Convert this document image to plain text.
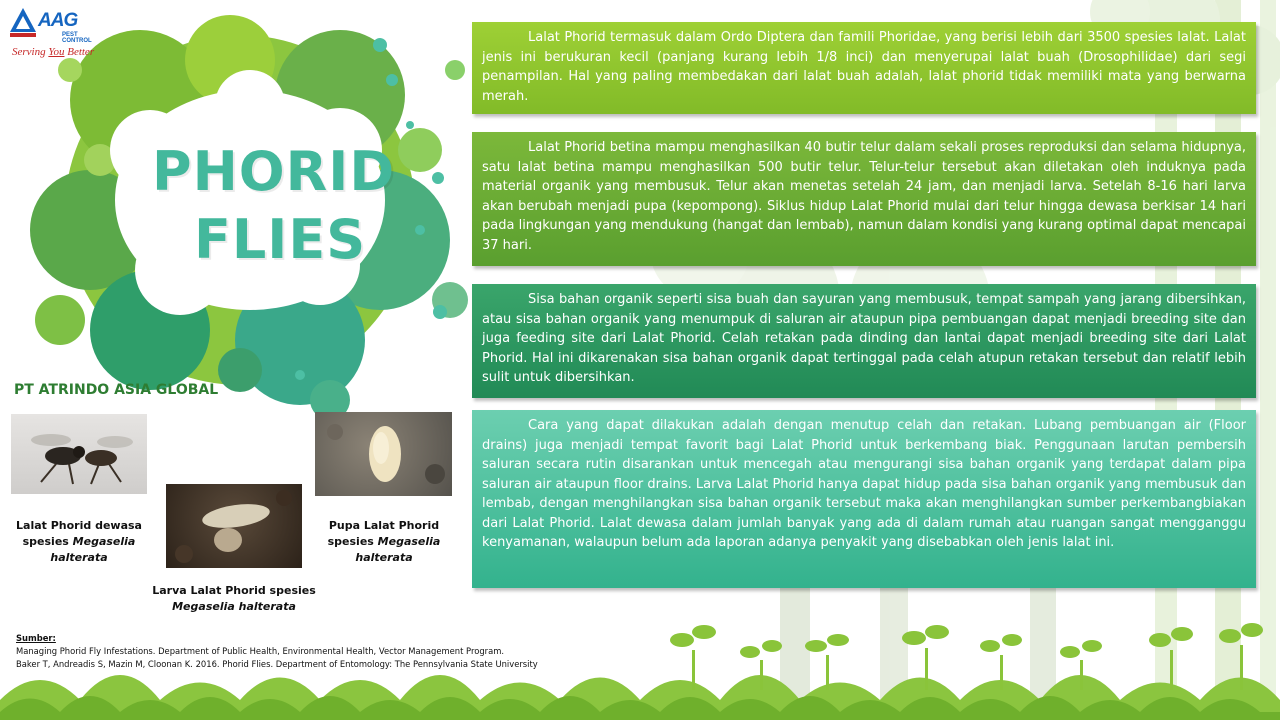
AAG
PEST CONTROL
Serving You Better
PHORID
FLIES
PT ATRINDO ASIA GLOBAL
Lalat Phorid dewasa spesies Megaselia halterata
Pupa Lalat Phorid spesies Megaselia halterata
Larva Lalat Phorid spesies Megaselia halterata
Lalat Phorid termasuk dalam Ordo Diptera dan famili Phoridae, yang berisi lebih dari 3500 spesies lalat. Lalat jenis ini berukuran kecil (panjang kurang lebih 1/8 inci) dan menyerupai lalat buah (Drosophilidae) dari segi penampilan. Hal yang paling membedakan dari lalat buah adalah, lalat phorid tidak memiliki mata yang berwarna merah.
Lalat Phorid betina mampu menghasilkan 40 butir telur dalam sekali proses reproduksi dan selama hidupnya, satu lalat betina mampu menghasilkan 500 butir telur. Telur-telur tersebut akan diletakan oleh induknya pada material organik yang membusuk. Telur akan menetas setelah 24 jam, dan menjadi larva. Setelah 8-16 hari larva akan berubah menjadi pupa (kepompong). Siklus hidup Lalat Phorid mulai dari telur hingga dewasa berkisar 14 hari pada lingkungan yang mendukung (hangat dan lembab), namun dalam kondisi yang kurang optimal dapat mencapai 37 hari.
Sisa bahan organik seperti sisa buah dan sayuran yang membusuk, tempat sampah yang jarang dibersihkan, atau sisa bahan organik yang menumpuk di saluran air ataupun pipa pembuangan dapat menjadi breeding site dan juga feeding site dari Lalat Phorid. Celah retakan pada dinding dan lantai dapat menjadi breeding site dari Lalat Phorid. Hal ini dikarenakan sisa bahan organik dapat tertinggal pada celah atupun retakan tersebut dan relatif lebih sulit untuk dibersihkan.
Cara yang dapat dilakukan adalah dengan menutup celah dan retakan. Lubang pembuangan air (Floor drains) juga menjadi tempat favorit bagi Lalat Phorid untuk berkembang biak. Penggunaan larutan pembersih saluran secara rutin disarankan untuk mencegah atau mengurangi sisa bahan organik yang terdapat dalam pipa saluran air ataupun floor drains. Larva Lalat Phorid hanya dapat hidup pada sisa bahan organik yang membusuk dan lembab, dengan menghilangkan sisa bahan organik tersebut maka akan menghilangkan sumber perkembangbiakan dari Lalat Phorid. Lalat dewasa dalam jumlah banyak yang ada di dalam rumah atau ruangan sangat mengganggu kenyamanan, walaupun belum ada laporan adanya penyakit yang disebabkan oleh jenis lalat ini.
Sumber:
Managing Phorid Fly Infestations. Department of Public Health, Environmental Health, Vector Management Program.
Baker T, Andreadis S, Mazin M, Cloonan K. 2016. Phorid Flies. Department of Entomology: The Pennsylvania State University
